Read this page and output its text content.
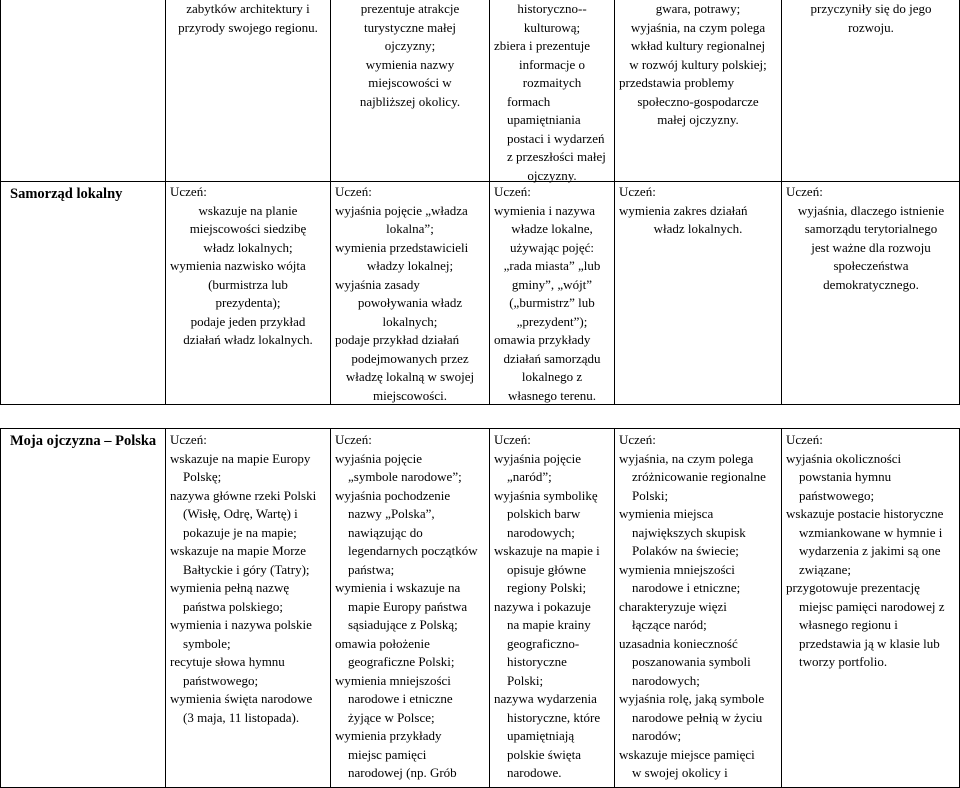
zabytków architektury i
przyrody swojego regionu.
prezentuje atrakcje
turystyczne małej
ojczyzny;
wymienia nazwy
miejscowości w
najbliższej okolicy.
historyczno--
kulturową;
zbiera i prezentuje
informacje o
rozmaitych
formach
upamiętniania
postaci i wydarzeń
z przeszłości małej
ojczyzny.
gwara, potrawy;
wyjaśnia, na czym polega
wkład kultury regionalnej
w rozwój kultury polskiej;
przedstawia problemy
społeczno-gospodarcze
małej ojczyzny.
przyczyniły się do jego
rozwoju.
Samorząd lokalny	Uczeń:
wskazuje na planie
miejscowości siedzibę
władz lokalnych;
wymienia nazwisko wójta
(burmistrza lub
prezydenta);
podaje jeden przykład
działań władz lokalnych.
Uczeń:
wyjaśnia pojęcie „władza
lokalna”;
wymienia przedstawicieli
władzy lokalnej;
wyjaśnia zasady
powoływania władz
lokalnych;
podaje przykład działań
podejmowanych przez
władzę lokalną w swojej
miejscowości.
Uczeń:
wymienia i nazywa
władze lokalne,
używając pojęć:
„rada miasta” „lub
gminy”, „wójt”
(„burmistrz” lub
„prezydent”);
omawia przykłady
działań samorządu
lokalnego z
własnego terenu.
Uczeń:
wymienia zakres działań
władz lokalnych.
Uczeń:
wyjaśnia, dlaczego istnienie
samorządu terytorialnego
jest ważne dla rozwoju
społeczeństwa
demokratycznego.
Moja ojczyzna – Polska Uczeń:
wskazuje na mapie Europy
Polskę;
nazywa główne rzeki Polski
(Wisłę, Odrę, Wartę) i
pokazuje je na mapie;
wskazuje na mapie Morze
Bałtyckie i góry (Tatry);
wymienia pełną nazwę
państwa polskiego;
wymienia i nazywa polskie
symbole;
recytuje słowa hymnu
państwowego;
wymienia święta narodowe
(3 maja, 11 listopada).
Uczeń:
wyjaśnia pojęcie
„symbole narodowe”;
wyjaśnia pochodzenie
nazwy „Polska”,
nawiązując do
legendarnych początków
państwa;
wymienia i wskazuje na
mapie Europy państwa
sąsiadujące z Polską;
omawia położenie
geograficzne Polski;
wymienia mniejszości
narodowe i etniczne
żyjące w Polsce;
wymienia przykłady
miejsc pamięci
narodowej (np. Grób
Uczeń:
wyjaśnia pojęcie
„naród”;
wyjaśnia symbolikę
polskich barw
narodowych;
wskazuje na mapie i
opisuje główne
regiony Polski;
nazywa i pokazuje
na mapie krainy
geograficzno-
historyczne
Polski;
nazywa wydarzenia
historyczne, które
upamiętniają
polskie święta
narodowe.
Uczeń:
wyjaśnia, na czym polega
zróżnicowanie regionalne
Polski;
wymienia miejsca
największych skupisk
Polaków na świecie;
wymienia mniejszości
narodowe i etniczne;
charakteryzuje więzi
łączące naród;
uzasadnia konieczność
poszanowania symboli
narodowych;
wyjaśnia rolę, jaką symbole
narodowe pełnią w życiu
narodów;
wskazuje miejsce pamięci
w swojej okolicy i
Uczeń:
wyjaśnia okoliczności
powstania hymnu
państwowego;
wskazuje postacie historyczne
wzmiankowane w hymnie i
wydarzenia z jakimi są one
związane;
przygotowuje prezentację
miejsc pamięci narodowej z
własnego regionu i
przedstawia ją w klasie lub
tworzy portfolio.
